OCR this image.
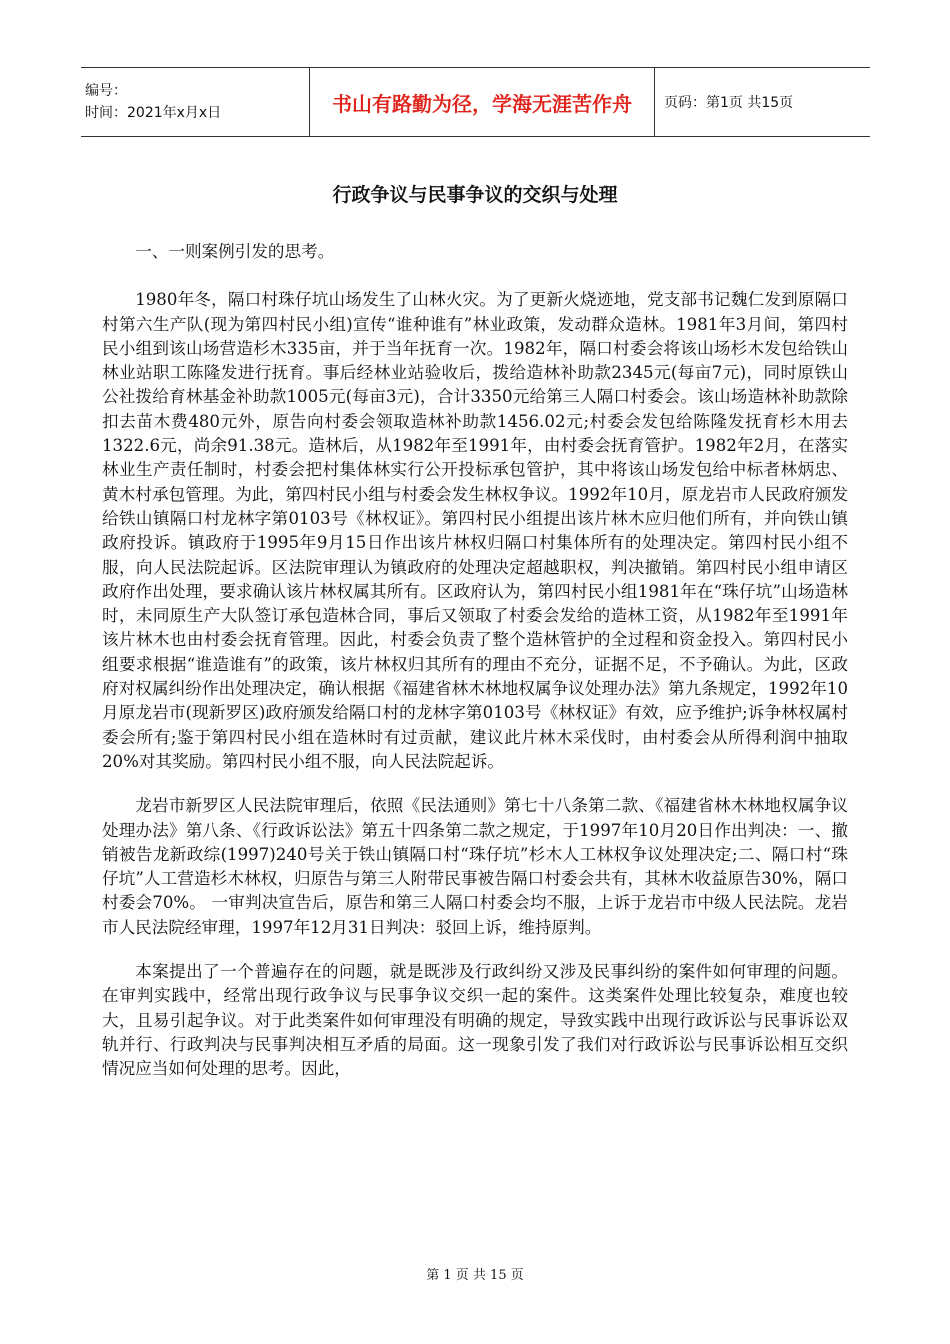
编号：
时间：2021年x月x日	书山有路勤为径，学海无涯苦作舟 页码：第1页 共15页
行政争议与民事争议的交织与处理

一、一则案例引发的思考。

1980年冬，隔口村珠仔坑山场发生了山林火灾。为了更新火烧迹地，党支部书记魏仁发到原隔口村第六生产队(现为第四村民小组)宣传“谁种谁有”林业政策，发动群众造林。1981年3月间，第四村民小组到该山场营造杉木335亩，并于当年抚育一次。1982年，隔口村委会将该山场杉木发包给铁山林业站职工陈隆发进行抚育。事后经林业站验收后，拨给造林补助款2345元(每亩7元)，同时原铁山公社拨给育林基金补助款1005元(每亩3元)，合计3350元给第三人隔口村委会。该山场造林补助款除扣去苗木费480元外，原告向村委会领取造林补助款1456.02元;村委会发包给陈隆发抚育杉木用去1322.6元，尚余91.38元。造林后，从1982年至1991年，由村委会抚育管护。1982年2月，在落实林业生产责任制时，村委会把村集体林实行公开投标承包管护，其中将该山场发包给中标者林炳忠、黄木村承包管理。为此，第四村民小组与村委会发生林权争议。1992年10月，原龙岩市人民政府颁发给铁山镇隔口村龙林字第0103号《林权证》。第四村民小组提出该片林木应归他们所有，并向铁山镇政府投诉。镇政府于1995年9月15日作出该片林权归隔口村集体所有的处理决定。第四村民小组不服，向人民法院起诉。区法院审理认为镇政府的处理决定超越职权，判决撤销。第四村民小组申请区政府作出处理，要求确认该片林权属其所有。区政府认为，第四村民小组1981年在“珠仔坑”山场造林时，未同原生产大队签订承包造林合同，事后又领取了村委会发给的造林工资，从1982年至1991年该片林木也由村委会抚育管理。因此，村委会负责了整个造林管护的全过程和资金投入。第四村民小组要求根据“谁造谁有”的政策，该片林权归其所有的理由不充分，证据不足，不予确认。为此，区政府对权属纠纷作出处理决定，确认根据《福建省林木林地权属争议处理办法》第九条规定，1992年10月原龙岩市(现新罗区)政府颁发给隔口村的龙林字第0103号《林权证》有效，应予维护;诉争林权属村委会所有;鉴于第四村民小组在造林时有过贡献，建议此片林木采伐时，由村委会从所得利润中抽取20%对其奖励。第四村民小组不服，向人民法院起诉。

龙岩市新罗区人民法院审理后，依照《民法通则》第七十八条第二款、《福建省林木林地权属争议处理办法》第八条、《行政诉讼法》第五十四条第二款之规定，于1997年10月20日作出判决：一、撤销被告龙新政综(1997)240号关于铁山镇隔口村“珠仔坑”杉木人工林权争议处理决定;二、隔口村“珠仔坑”人工营造杉木林权，归原告与第三人附带民事被告隔口村委会共有，其林木收益原告30%，隔口村委会70%。 一审判决宣告后，原告和第三人隔口村委会均不服，上诉于龙岩市中级人民法院。龙岩市人民法院经审理，1997年12月31日判决：驳回上诉，维持原判。

本案提出了一个普遍存在的问题，就是既涉及行政纠纷又涉及民事纠纷的案件如何审理的问题。在审判实践中，经常出现行政争议与民事争议交织一起的案件。这类案件处理比较复杂，难度也较大，且易引起争议。对于此类案件如何审理没有明确的规定，导致实践中出现行政诉讼与民事诉讼双轨并行、行政判决与民事判决相互矛盾的局面。这一现象引发了我们对行政诉讼与民事诉讼相互交织情况应当如何处理的思考。因此，

第 1 页 共 15 页
